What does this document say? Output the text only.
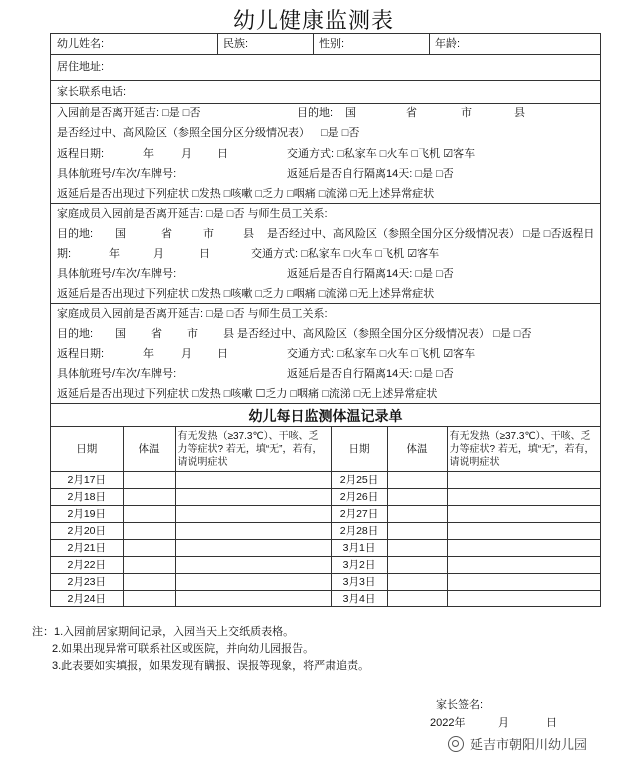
幼儿健康监测表
幼儿姓名:	民族:	性别:	年龄:
居住地址:
家长联系电话:
入园前是否离开延吉: □是 □否	目的地: 国	省	市	县
是否经过中、高风险区（参照全国分区分级情况表） □是 □否
返程日期:	年 月 日	交通方式: □私家车 □火车 □飞机 ☑客车
具体航班号/车次/车牌号:	返延后是否自行隔离14天: □是 □否
返延后是否出现过下列症状 □发热 □咳嗽 □乏力 □咽痛 □流涕 □无上述异常症状
家庭成员入园前是否离开延吉: □是 □否 与师生员工关系:
目的地: 国	省	市	县 是否经过中、高风险区（参照全国分区分级情况表） □是 □否返程日
期:	年	月	日	交通方式: □私家车 □火车 □飞机 ☑客车
具体航班号/车次/车牌号:	返延后是否自行隔离14天: □是 □否
返延后是否出现过下列症状 □发热 □咳嗽 □乏力 □咽痛 □流涕 □无上述异常症状
家庭成员入园前是否离开延吉: □是 □否 与师生员工关系:
目的地: 国 省 市 县 是否经过中、高风险区（参照全国分区分级情况表） □是 □否
返程日期:	年 月 日	交通方式: □私家车 □火车 □飞机 ☑客车
具体航班号/车次/车牌号:	返延后是否自行隔离14天: □是 □否
返延后是否出现过下列症状 □发热 □咳嗽 ☐乏力 □咽痛 □流涕 □无上述异常症状
幼儿每日监测体温记录单
日期	体温	有无发热（≥37.3℃）、干咳、乏力等症状? 若无，填“无”，若有，请说明症状	日期	体温	有无发热（≥37.3℃）、干咳、乏力等症状? 若无，填“无”，若有，请说明症状
2月17日			2月25日		
2月18日			2月26日		
2月19日			2月27日		
2月20日			2月28日		
2月21日			3月1日		
2月22日			3月2日		
2月23日			3月3日		
2月24日			3月4日		
注：1.入园前居家期间记录，入园当天上交纸质表格。
2.如果出现异常可联系社区或医院，并向幼儿园报告。
3.此表要如实填报，如果发现有瞒报、误报等现象，将严肃追责。
家长签名:
2022年	月	日
延吉市朝阳川幼儿园
